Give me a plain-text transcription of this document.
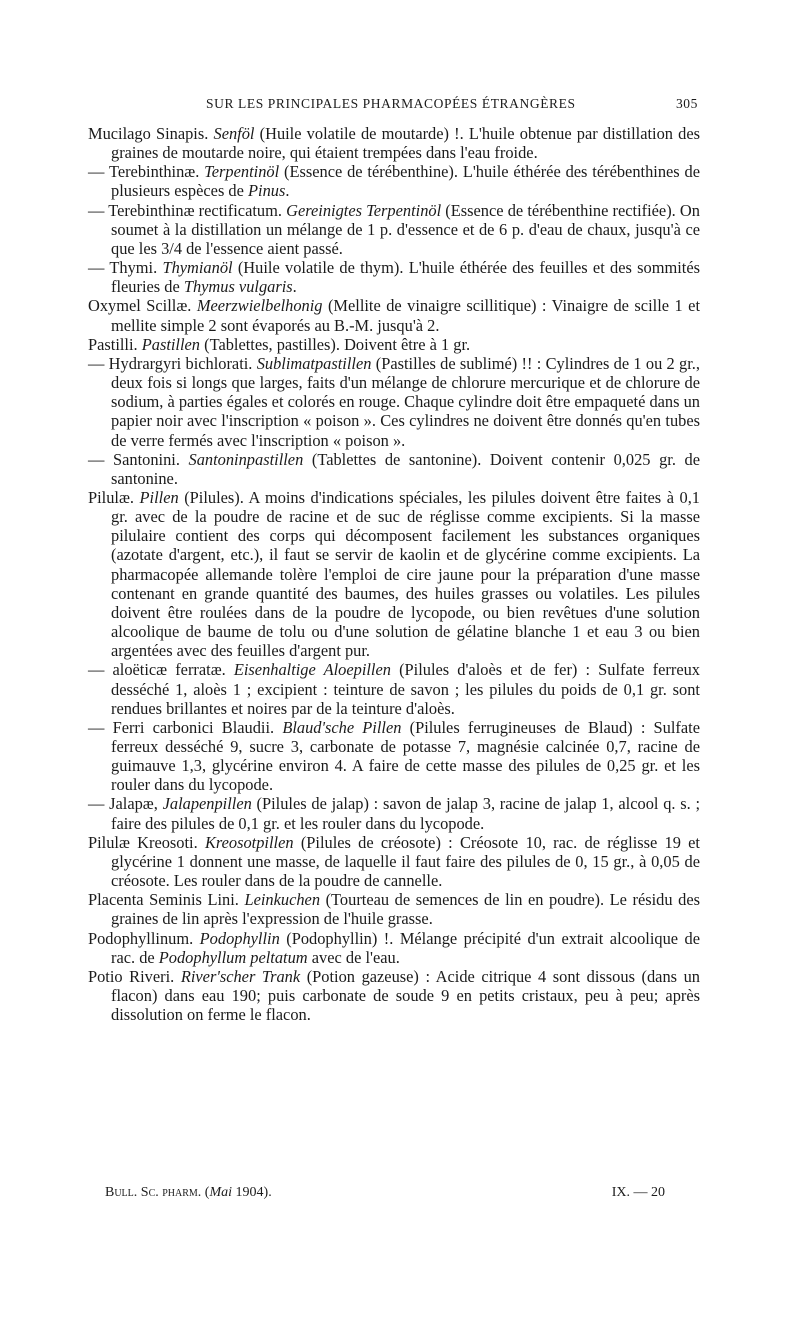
SUR LES PRINCIPALES PHARMACOPÉES ÉTRANGÈRES	305

Mucilago Sinapis. Senföl (Huile volatile de moutarde) !. L'huile obtenue par distillation des graines de moutarde noire, qui étaient trempées dans l'eau froide.

— Terebinthinæ. Terpentinöl (Essence de térébenthine). L'huile éthérée des térébenthines de plusieurs espèces de Pinus.

— Terebinthinæ rectificatum. Gereinigtes Terpentinöl (Essence de térébenthine rectifiée). On soumet à la distillation un mélange de 1 p. d'essence et de 6 p. d'eau de chaux, jusqu'à ce que les 3/4 de l'essence aient passé.

— Thymi. Thymianöl (Huile volatile de thym). L'huile éthérée des feuilles et des sommités fleuries de Thymus vulgaris.

Oxymel Scillæ. Meerzwielbelhonig (Mellite de vinaigre scillitique) : Vinaigre de scille 1 et mellite simple 2 sont évaporés au B.-M. jusqu'à 2.

Pastilli. Pastillen (Tablettes, pastilles). Doivent être à 1 gr.

— Hydrargyri bichlorati. Sublimatpastillen (Pastilles de sublimé) !! : Cylindres de 1 ou 2 gr., deux fois si longs que larges, faits d'un mélange de chlorure mercurique et de chlorure de sodium, à parties égales et colorés en rouge. Chaque cylindre doit être empaqueté dans un papier noir avec l'inscription « poison ». Ces cylindres ne doivent être donnés qu'en tubes de verre fermés avec l'inscription « poison ».

— Santonini. Santoninpastillen (Tablettes de santonine). Doivent contenir 0,025 gr. de santonine.

Pilulæ. Pillen (Pilules). A moins d'indications spéciales, les pilules doivent être faites à 0,1 gr. avec de la poudre de racine et de suc de réglisse comme excipients. Si la masse pilulaire contient des corps qui décomposent facilement les substances organiques (azotate d'argent, etc.), il faut se servir de kaolin et de glycérine comme excipients. La pharmacopée allemande tolère l'emploi de cire jaune pour la préparation d'une masse contenant en grande quantité des baumes, des huiles grasses ou volatiles. Les pilules doivent être roulées dans de la poudre de lycopode, ou bien revêtues d'une solution alcoolique de baume de tolu ou d'une solution de gélatine blanche 1 et eau 3 ou bien argentées avec des feuilles d'argent pur.

— aloëticæ ferratæ. Eisenhaltige Aloepillen (Pilules d'aloès et de fer) : Sulfate ferreux desséché 1, aloès 1 ; excipient : teinture de savon ; les pilules du poids de 0,1 gr. sont rendues brillantes et noires par de la teinture d'aloès.

— Ferri carbonici Blaudii. Blaud'sche Pillen (Pilules ferrugineuses de Blaud) : Sulfate ferreux desséché 9, sucre 3, carbonate de potasse 7, magnésie calcinée 0,7, racine de guimauve 1,3, glycérine environ 4. A faire de cette masse des pilules de 0,25 gr. et les rouler dans du lycopode.

— Jalapæ, Jalapenpillen (Pilules de jalap) : savon de jalap 3, racine de jalap 1, alcool q. s. ; faire des pilules de 0,1 gr. et les rouler dans du lycopode.

Pilulæ Kreosoti. Kreosotpillen (Pilules de créosote) : Créosote 10, rac. de réglisse 19 et glycérine 1 donnent une masse, de laquelle il faut faire des pilules de 0, 15 gr., à 0,05 de créosote. Les rouler dans de la poudre de cannelle.

Placenta Seminis Lini. Leinkuchen (Tourteau de semences de lin en poudre). Le résidu des graines de lin après l'expression de l'huile grasse.

Podophyllinum. Podophyllin (Podophyllin) !. Mélange précipité d'un extrait alcoolique de rac. de Podophyllum peltatum avec de l'eau.

Potio Riveri. River'scher Trank (Potion gazeuse) : Acide citrique 4 sont dissous (dans un flacon) dans eau 190; puis carbonate de soude 9 en petits cristaux, peu à peu; après dissolution on ferme le flacon.

Bull. Sc. pharm. (Mai 1904).	IX. — 20
